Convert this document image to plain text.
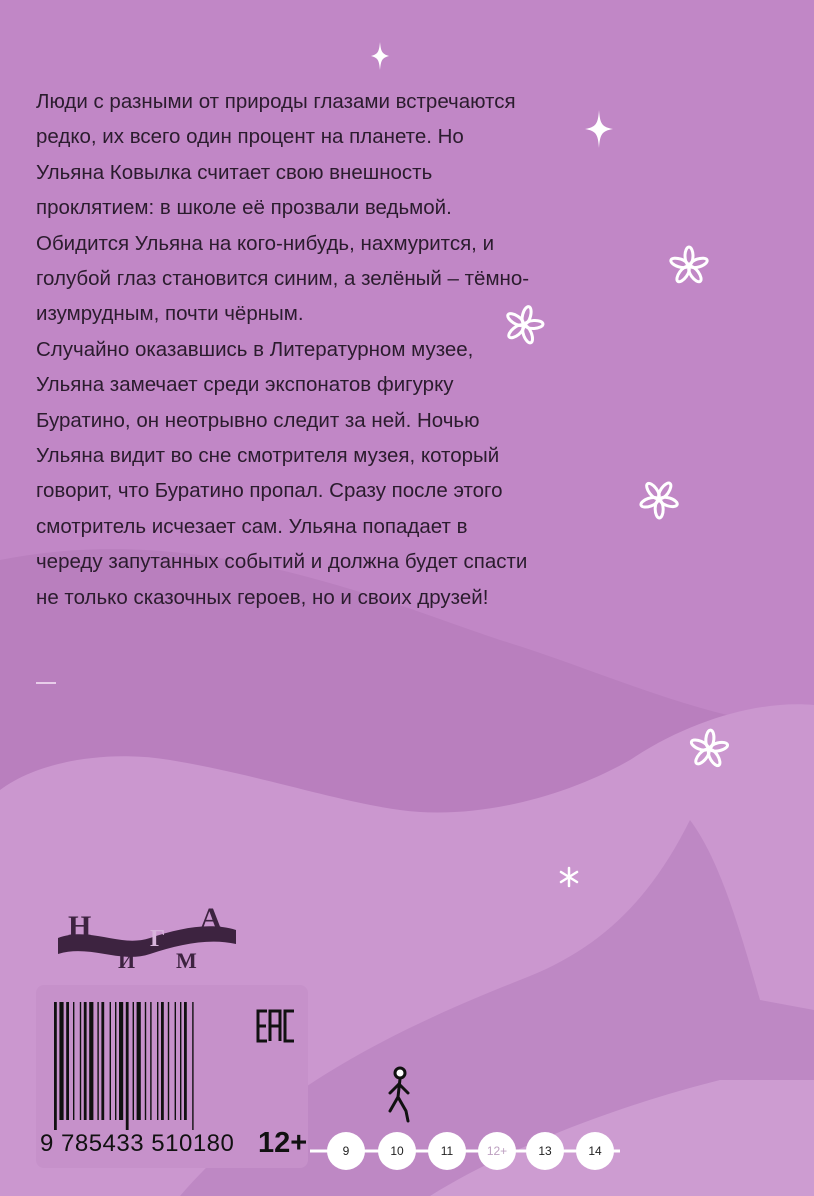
Люди с разными от природы глазами встречаются редко, их всего один процент на планете. Но Ульяна Ковылка считает свою внешность проклятием: в школе её прозвали ведьмой. Обидится Ульяна на кого-нибудь, нахмурится, и голубой глаз становится синим, а зелёный – тёмно-изумрудным, почти чёрным.

Случайно оказавшись в Литературном музее, Ульяна замечает среди экспонатов фигурку Буратино, он неотрывно следит за ней. Ночью Ульяна видит во сне смотрителя музея, который говорит, что Буратино пропал. Сразу после этого смотритель исчезает сам. Ульяна попадает в череду запутанных событий и должна будет спасти не только сказочных героев, но и своих друзей!

Н
И
Г
М
А
9 785433 510180 12+	9	10	11	12+	13	14
